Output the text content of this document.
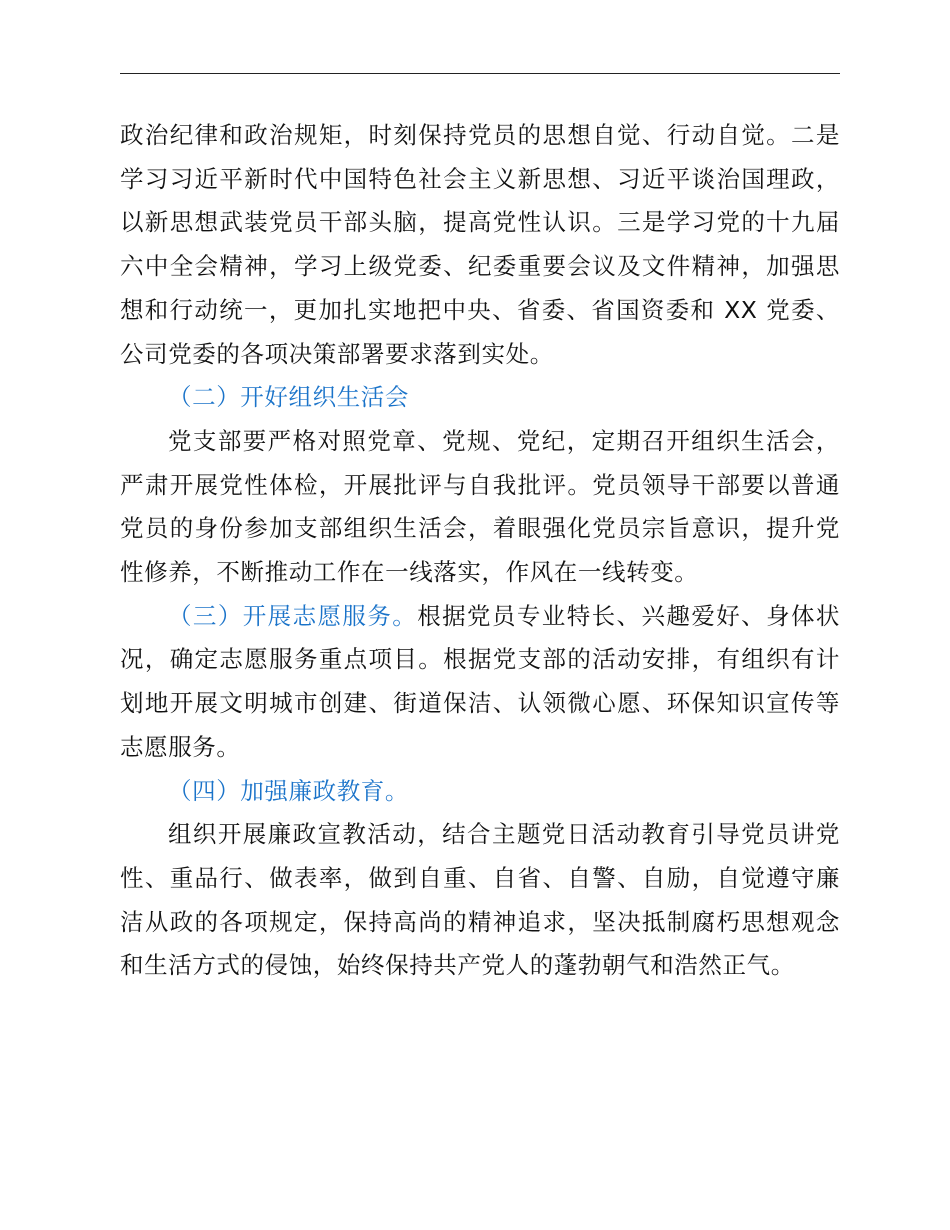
政治纪律和政治规矩，时刻保持党员的思想自觉、行动自觉。二是学习习近平新时代中国特色社会主义新思想、习近平谈治国理政，以新思想武装党员干部头脑，提高党性认识。三是学习党的十九届六中全会精神，学习上级党委、纪委重要会议及文件精神，加强思想和行动统一，更加扎实地把中央、省委、省国资委和 XX 党委、公司党委的各项决策部署要求落到实处。

（二）开好组织生活会

党支部要严格对照党章、党规、党纪，定期召开组织生活会，严肃开展党性体检，开展批评与自我批评。党员领导干部要以普通党员的身份参加支部组织生活会，着眼强化党员宗旨意识，提升党性修养，不断推动工作在一线落实，作风在一线转变。

（三）开展志愿服务。根据党员专业特长、兴趣爱好、身体状况，确定志愿服务重点项目。根据党支部的活动安排，有组织有计划地开展文明城市创建、街道保洁、认领微心愿、环保知识宣传等志愿服务。

（四）加强廉政教育。

组织开展廉政宣教活动，结合主题党日活动教育引导党员讲党性、重品行、做表率，做到自重、自省、自警、自励，自觉遵守廉洁从政的各项规定，保持高尚的精神追求，坚决抵制腐朽思想观念和生活方式的侵蚀，始终保持共产党人的蓬勃朝气和浩然正气。
